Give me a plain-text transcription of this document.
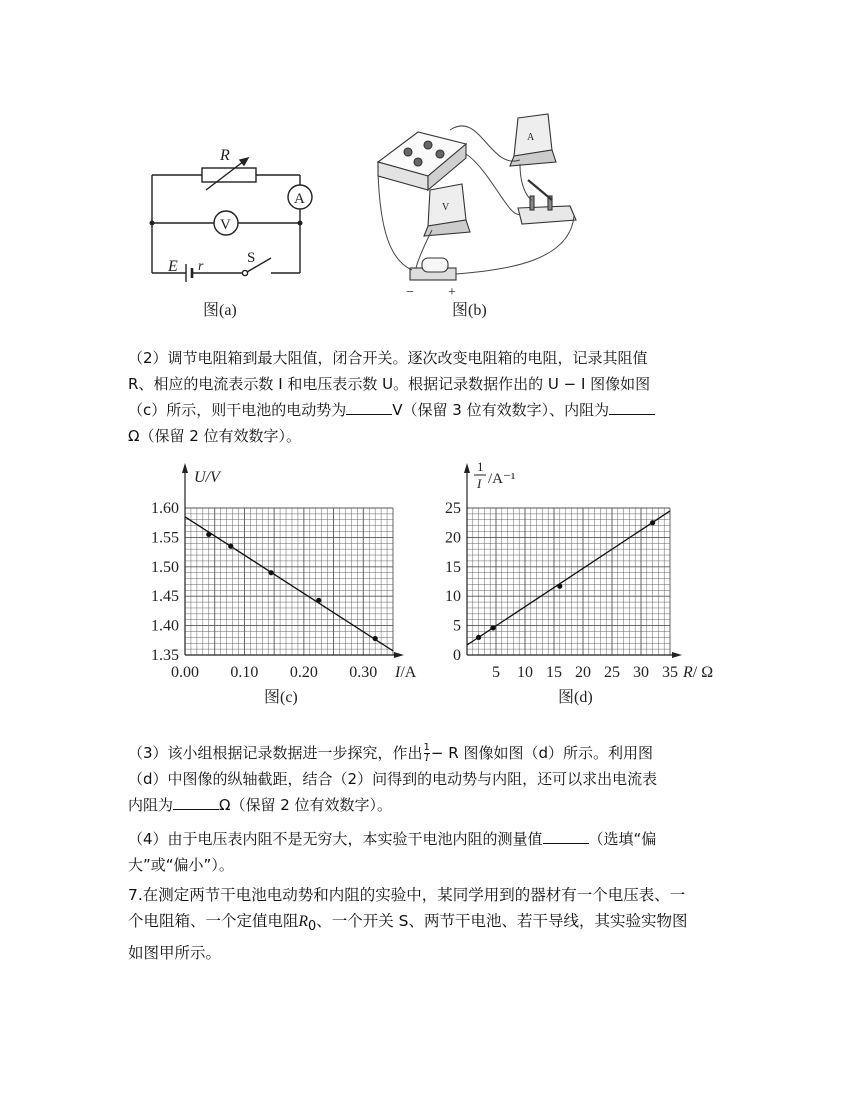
R
A
V
E r
S
图(a)
A
V
− +
图(b)

（2）调节电阻箱到最大阻值，闭合开关。逐次改变电阻箱的电阻，记录其阻值

R、相应的电流表示数 I 和电压表示数 U。根据记录数据作出的 U − I 图像如图

（c）所示，则干电池的电动势为	V（保留 3 位有效数字）、内阻为

Ω（保留 2 位有效数字）。

U/V
1.60
1.55
1.50
1.45
1.40
1.35
0.00 0.10 0.20 0.30 I/A
图(c)
1
I /A⁻¹
25
20
15
10
5
0
5 10 15 20 25 30 35 R/ Ω
图(d)

（3）该小组根据记录数据进一步探究，作出 $\frac{1}{I} - R$ 图像如图（d）所示。利用图

（d）中图像的纵轴截距，结合（2）问得到的电动势与内阻，还可以求出电流表

内阻为	Ω（保留 2 位有效数字）。

（4）由于电压表内阻不是无穷大，本实验干电池内阻的测量值	（选填“偏

大”或“偏小”）。

7.在测定两节干电池电动势和内阻的实验中，某同学用到的器材有一个电压表、一

个电阻箱、一个定值电阻$R_0$、一个开关 S、两节干电池、若干导线，其实验实物图

如图甲所示。
